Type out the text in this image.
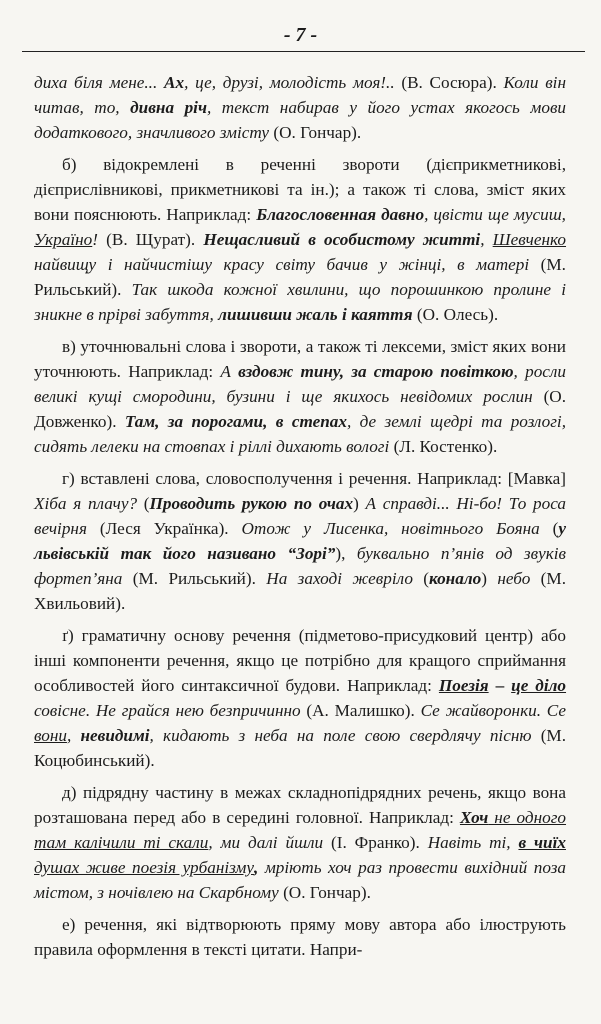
- 7 -

диха біля мене... Ах, це, друзі, молодість моя!.. (В. Сосюра). Коли він читав, то, дивна річ, текст набирав у його устах якогось мови додаткового, значливого змісту (О. Гончар).

б) відокремлені в реченні звороти (дієприкметникові, дієприслівникові, прикметникові та ін.); а також ті слова, зміст яких вони пояснюють. Наприклад: Благословенная давно, цвісти ще мусиш, Україно! (В. Щурат). Нещасливий в особистому житті, Шевченко найвищу і найчистішу красу світу бачив у жінці, в матері (М. Рильський). Так шкода кожної хвилини, що порошинкою пролине і зникне в прірві забуття, лишивши жаль і каяття (О. Олесь).

в) уточнювальні слова і звороти, а також ті лексеми, зміст яких вони уточнюють. Наприклад: А вздовж тину, за старою повіткою, росли великі кущі смородини, бузини і ще якихось невідомих рослин (О. Довженко). Там, за порогами, в степах, де землі щедрі та розлогі, сидять лелеки на стовпах і ріллі дихають вологі (Л. Костенко).

г) вставлені слова, словосполучення і речення. Наприклад: [Мавка] Хіба я плачу? (Проводить рукою по очах) А справді... Ні-бо! То роса вечірня (Леся Українка). Отож у Лисенка, новітнього Бояна (у львівській так його називано “Зорі”), буквально п’янів од звуків фортеп’яна (М. Рильський). На заході жевріло (конало) небо (М. Хвильовий).

ґ) граматичну основу речення (підметово-присудковий центр) або інші компоненти речення, якщо це потрібно для кращого сприймання особливостей його синтаксичної будови. Наприклад: Поезія – це діло совісне. Не грайся нею безпричинно (А. Малишко). Се жайворонки. Се вони, невидимі, кидають з неба на поле свою свердлячу пісню (М. Коцюбинський).

д) підрядну частину в межах складнопідрядних речень, якщо вона розташована перед або в середині головної. Наприклад: Хоч не одного там калічили ті скали, ми далі йшли (І. Франко). Навіть ті, в чиїх душах живе поезія урбанізму, мріють хоч раз провести вихідний поза містом, з ночівлею на Скарбному (О. Гончар).

е) речення, які відтворюють пряму мову автора або ілюструють правила оформлення в тексті цитати. Напри-
